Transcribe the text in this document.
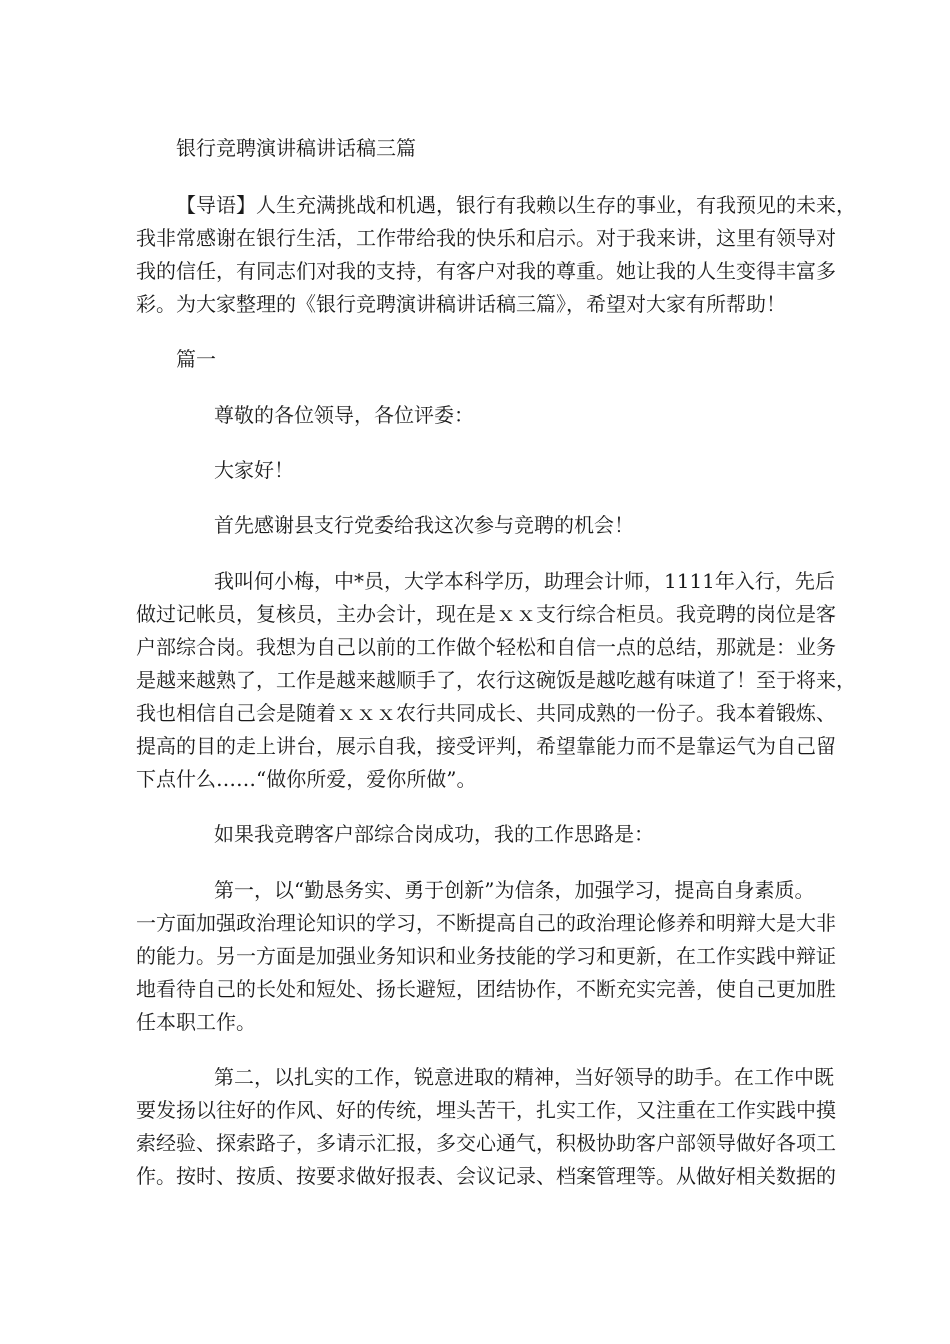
银行竞聘演讲稿讲话稿三篇
【导语】人生充满挑战和机遇，银行有我赖以生存的事业，有我预见的未来，
我非常感谢在银行生活，工作带给我的快乐和启示。对于我来讲，这里有领导对
我的信任，有同志们对我的支持，有客户对我的尊重。她让我的人生变得丰富多
彩。为大家整理的《银行竞聘演讲稿讲话稿三篇》，希望对大家有所帮助！
篇一
尊敬的各位领导，各位评委：
大家好！
首先感谢县支行党委给我这次参与竞聘的机会！
我叫何小梅，中*员，大学本科学历，助理会计师，1111年入行，先后
做过记帐员，复核员，主办会计，现在是ｘｘ支行综合柜员。我竞聘的岗位是客
户部综合岗。我想为自己以前的工作做个轻松和自信一点的总结，那就是：业务
是越来越熟了，工作是越来越顺手了，农行这碗饭是越吃越有味道了！至于将来，
我也相信自己会是随着ｘｘｘ农行共同成长、共同成熟的一份子。我本着锻炼、
提高的目的走上讲台，展示自我，接受评判，希望靠能力而不是靠运气为自己留
下点什么……“做你所爱，爱你所做”。
如果我竞聘客户部综合岗成功，我的工作思路是：
第一，以“勤恳务实、勇于创新”为信条，加强学习，提高自身素质。
一方面加强政治理论知识的学习，不断提高自己的政治理论修养和明辩大是大非
的能力。另一方面是加强业务知识和业务技能的学习和更新，在工作实践中辩证
地看待自己的长处和短处、扬长避短，团结协作，不断充实完善，使自己更加胜
任本职工作。
第二，以扎实的工作，锐意进取的精神，当好领导的助手。在工作中既
要发扬以往好的作风、好的传统，埋头苦干，扎实工作，又注重在工作实践中摸
索经验、探索路子，多请示汇报，多交心通气，积极协助客户部领导做好各项工
作。按时、按质、按要求做好报表、会议记录、档案管理等。从做好相关数据的
